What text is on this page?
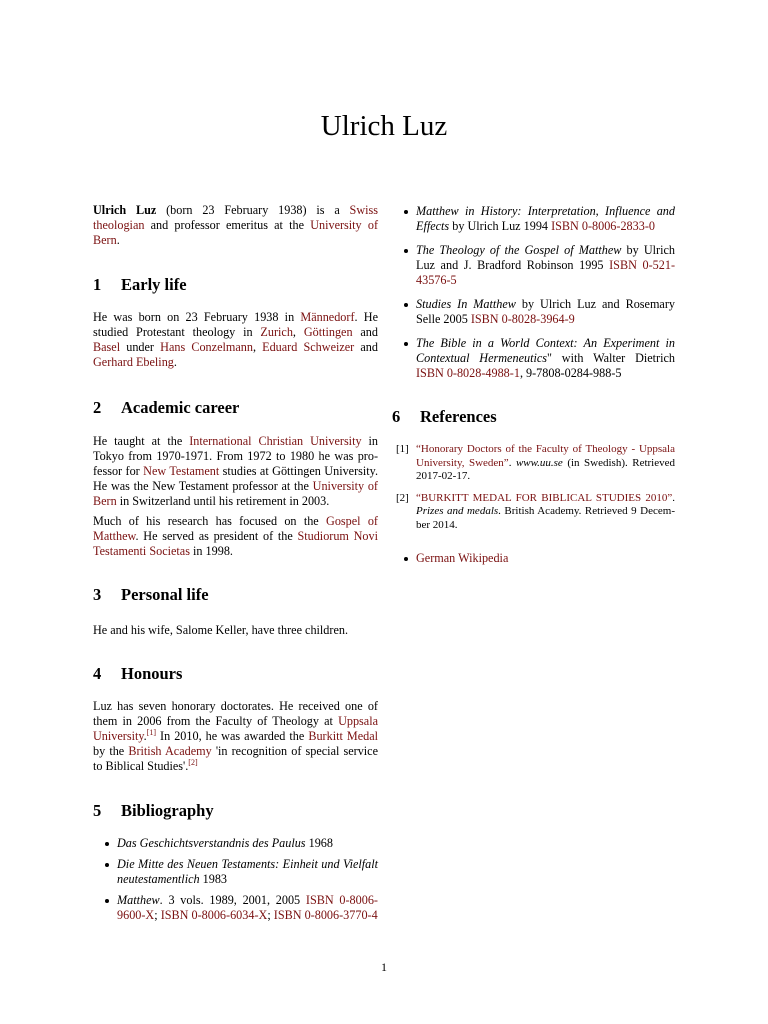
Ulrich Luz

Ulrich Luz (born 23 February 1938) is a Swiss theologian and professor emeritus at the University of Bern.

1 Early life

He was born on 23 February 1938 in Männedorf. He studied Protestant theology in Zurich, Göttingen and Basel under Hans Conzelmann, Eduard Schweizer and Gerhard Ebeling.

2 Academic career

He taught at the International Christian University in Tokyo from 1970-1971. From 1972 to 1980 he was professor for New Testament studies at Göttingen University. He was the New Testament professor at the University of Bern in Switzerland until his retirement in 2003.

Much of his research has focused on the Gospel of Matthew. He served as president of the Studiorum Novi Testamenti Societas in 1998.

3 Personal life

He and his wife, Salome Keller, have three children.

4 Honours

Luz has seven honorary doctorates. He received one of them in 2006 from the Faculty of Theology at Uppsala University.[1] In 2010, he was awarded the Burkitt Medal by the British Academy 'in recognition of special service to Biblical Studies'.[2]

5 Bibliography
Das Geschichtsverstandnis des Paulus 1968
Die Mitte des Neuen Testaments: Einheit und Vielfalt neutestamentlich 1983
Matthew. 3 vols. 1989, 2001, 2005 ISBN 0-8006-9600-X; ISBN 0-8006-6034-X; ISBN 0-8006-3770-4
Matthew in History: Interpretation, Influence and Effects by Ulrich Luz 1994 ISBN 0-8006-2833-0
The Theology of the Gospel of Matthew by Ulrich Luz and J. Bradford Robinson 1995 ISBN 0-521-43576-5
Studies In Matthew by Ulrich Luz and Rosemary Selle 2005 ISBN 0-8028-3964-9
The Bible in a World Context: An Experiment in Contextual Hermeneutics" with Walter Dietrich ISBN 0-8028-4988-1, 9-7808-0284-988-5
6 References
[1] “Honorary Doctors of the Faculty of Theology - Uppsala University, Sweden”. www.uu.se (in Swedish). Retrieved 2017-02-17.
[2] “BURKITT MEDAL FOR BIBLICAL STUDIES 2010”. Prizes and medals. British Academy. Retrieved 9 December 2014.
German Wikipedia
1
